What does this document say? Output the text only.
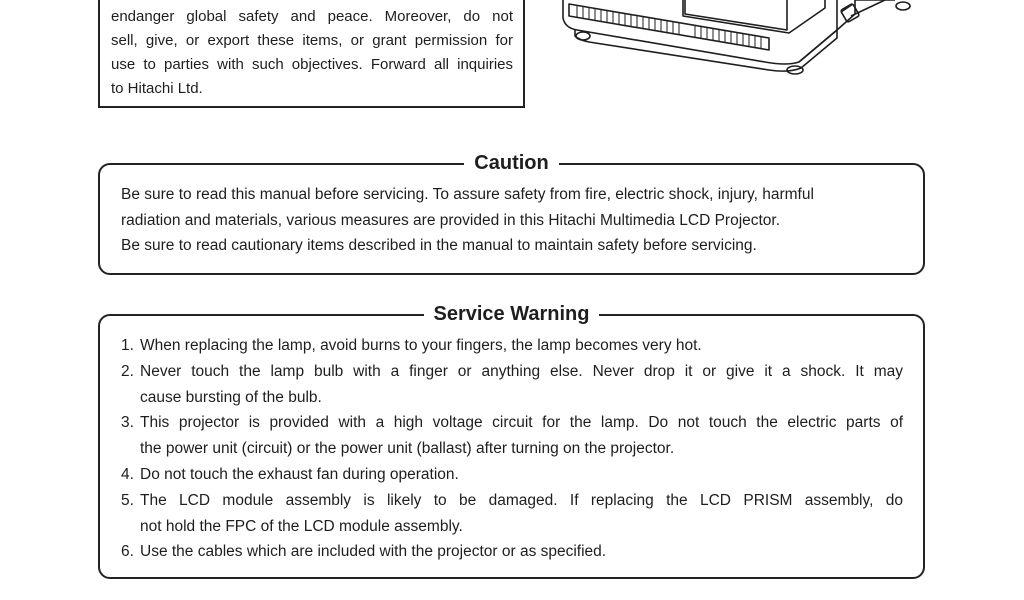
endanger global safety and peace. Moreover, do not
sell, give, or export these items, or grant permission for
use to parties with such objectives. Forward all inquiries
to Hitachi Ltd.
Caution

Be sure to read this manual before servicing. To assure safety from fire, electric shock, injury, harmful

radiation and materials, various measures are provided in this Hitachi Multimedia LCD Projector.

Be sure to read cautionary items described in the manual to maintain safety before servicing.

Service Warning
1. When replacing the lamp, avoid burns to your fingers, the lamp becomes very hot.
2. Never touch the lamp bulb with a finger or anything else. Never drop it or give it a shock. It may
cause bursting of the bulb.
3. This projector is provided with a high voltage circuit for the lamp. Do not touch the electric parts of
the power unit (circuit) or the power unit (ballast) after turning on the projector.
4. Do not touch the exhaust fan during operation.
5. The LCD module assembly is likely to be damaged. If replacing the LCD PRISM assembly, do
not hold the FPC of the LCD module assembly.
6. Use the cables which are included with the projector or as specified.
